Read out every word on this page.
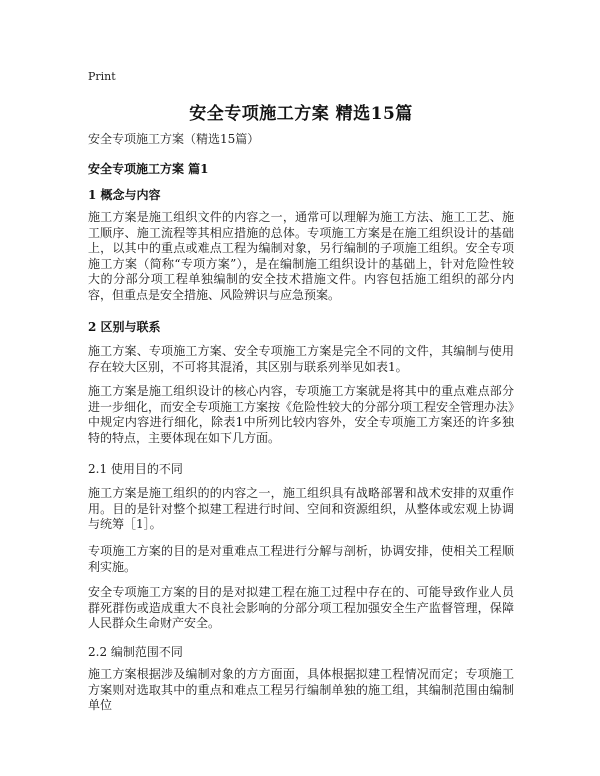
Print
安全专项施工方案 精选15篇
安全专项施工方案（精选15篇）
安全专项施工方案 篇1
1 概念与内容
施工方案是施工组织文件的内容之一，通常可以理解为施工方法、施工工艺、施工顺序、施工流程等其相应措施的总体。专项施工方案是在施工组织设计的基础上，以其中的重点或难点工程为编制对象，另行编制的子项施工组织。安全专项施工方案（简称“专项方案”），是在编制施工组织设计的基础上，针对危险性较大的分部分项工程单独编制的安全技术措施文件。内容包括施工组织的部分内容，但重点是安全措施、风险辨识与应急预案。
2 区别与联系
施工方案、专项施工方案、安全专项施工方案是完全不同的文件，其编制与使用存在较大区别，不可将其混淆，其区别与联系列举见如表1。
施工方案是施工组织设计的核心内容，专项施工方案就是将其中的重点难点部分进一步细化，而安全专项施工方案按《危险性较大的分部分项工程安全管理办法》中规定内容进行细化，除表1中所列比较内容外，安全专项施工方案还的许多独特的特点，主要体现在如下几方面。
2.1 使用目的不同
施工方案是施工组织的的内容之一，施工组织具有战略部署和战术安排的双重作用。目的是针对整个拟建工程进行时间、空间和资源组织，从整体或宏观上协调与统筹［1］。
专项施工方案的目的是对重难点工程进行分解与剖析，协调安排，使相关工程顺利实施。
安全专项施工方案的目的是对拟建工程在施工过程中存在的、可能导致作业人员群死群伤或造成重大不良社会影响的分部分项工程加强安全生产监督管理，保障人民群众生命财产安全。
2.2 编制范围不同
施工方案根据涉及编制对象的方方面面，具体根据拟建工程情况而定；专项施工方案则对选取其中的重点和难点工程另行编制单独的施工组，其编制范围由编制单位
